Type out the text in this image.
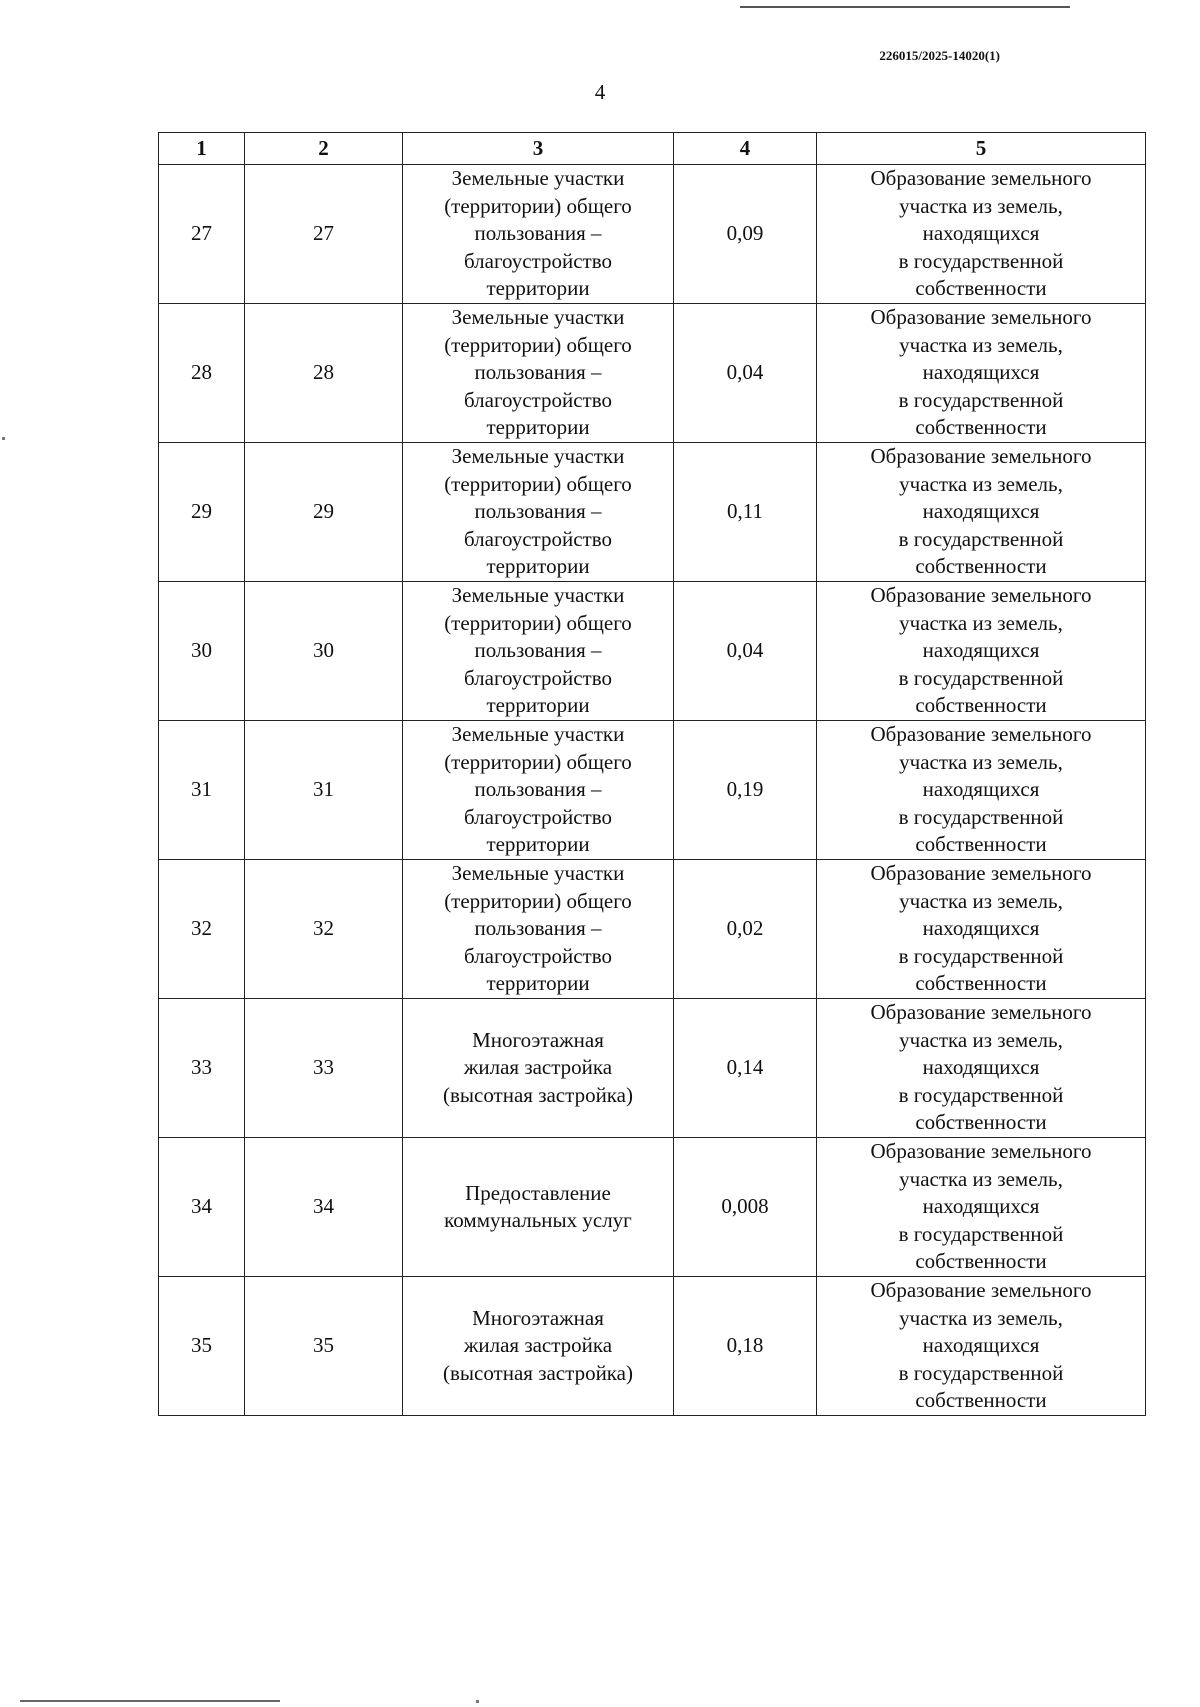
226015/2025-14020(1)
4
1	2	3	4	5
27	27	Земельные участки
(территории) общего
пользования –
благоустройство
территории	0,09	Образование земельного
участка из земель,
находящихся
в государственной
собственности

28	28	Земельные участки
(территории) общего
пользования –
благоустройство
территории	0,04	Образование земельного
участка из земель,
находящихся
в государственной
собственности

29	29	Земельные участки
(территории) общего
пользования –
благоустройство
территории	0,11	Образование земельного
участка из земель,
находящихся
в государственной
собственности

30	30	Земельные участки
(территории) общего
пользования –
благоустройство
территории	0,04	Образование земельного
участка из земель,
находящихся
в государственной
собственности

31	31	Земельные участки
(территории) общего
пользования –
благоустройство
территории	0,19	Образование земельного
участка из земель,
находящихся
в государственной
собственности

32	32	Земельные участки
(территории) общего
пользования –
благоустройство
территории	0,02	Образование земельного
участка из земель,
находящихся
в государственной
собственности

33	33	Многоэтажная
жилая застройка
(высотная застройка)	0,14	Образование земельного
участка из земель,
находящихся
в государственной
собственности

34	34	Предоставление
коммунальных услуг	0,008	Образование земельного
участка из земель,
находящихся
в государственной
собственности

35	35	Многоэтажная
жилая застройка
(высотная застройка)	0,18	Образование земельного
участка из земель,
находящихся
в государственной
собственности
